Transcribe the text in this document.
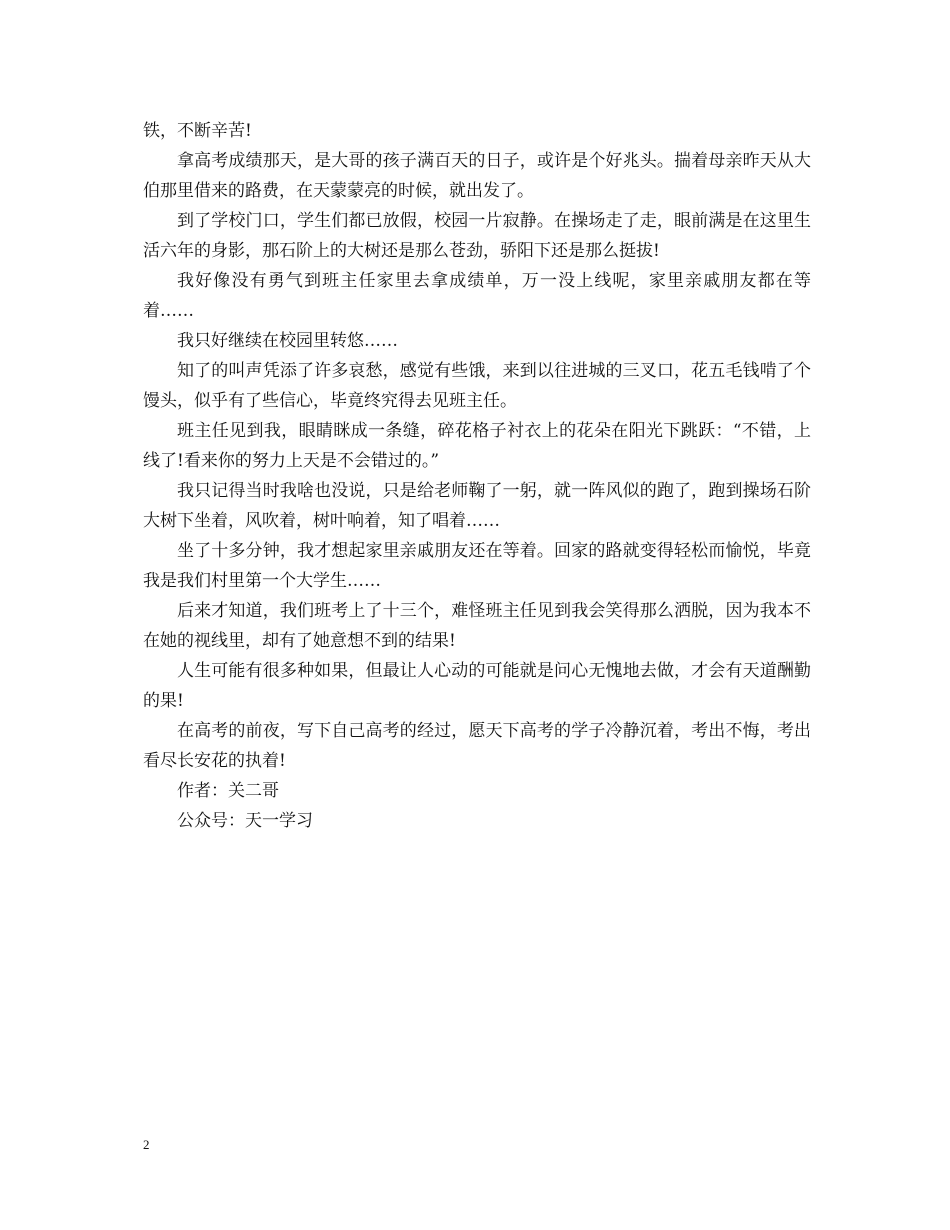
铁，不断辛苦!

拿高考成绩那天，是大哥的孩子满百天的日子，或许是个好兆头。揣着母亲昨天从大伯那里借来的路费，在天蒙蒙亮的时候，就出发了。

到了学校门口，学生们都已放假，校园一片寂静。在操场走了走，眼前满是在这里生活六年的身影，那石阶上的大树还是那么苍劲，骄阳下还是那么挺拔!

我好像没有勇气到班主任家里去拿成绩单，万一没上线呢，家里亲戚朋友都在等着……

我只好继续在校园里转悠……

知了的叫声凭添了许多哀愁，感觉有些饿，来到以往进城的三叉口，花五毛钱啃了个馒头，似乎有了些信心，毕竟终究得去见班主任。

班主任见到我，眼睛眯成一条缝，碎花格子衬衣上的花朵在阳光下跳跃：“不错，上线了!看来你的努力上天是不会错过的。”

我只记得当时我啥也没说，只是给老师鞠了一躬，就一阵风似的跑了，跑到操场石阶大树下坐着，风吹着，树叶响着，知了唱着……

坐了十多分钟，我才想起家里亲戚朋友还在等着。回家的路就变得轻松而愉悦，毕竟我是我们村里第一个大学生……

后来才知道，我们班考上了十三个，难怪班主任见到我会笑得那么洒脱，因为我本不在她的视线里，却有了她意想不到的结果!

人生可能有很多种如果，但最让人心动的可能就是问心无愧地去做，才会有天道酬勤的果!

在高考的前夜，写下自己高考的经过，愿天下高考的学子冷静沉着，考出不悔，考出看尽长安花的执着!

作者：关二哥

公众号：天一学习

2
